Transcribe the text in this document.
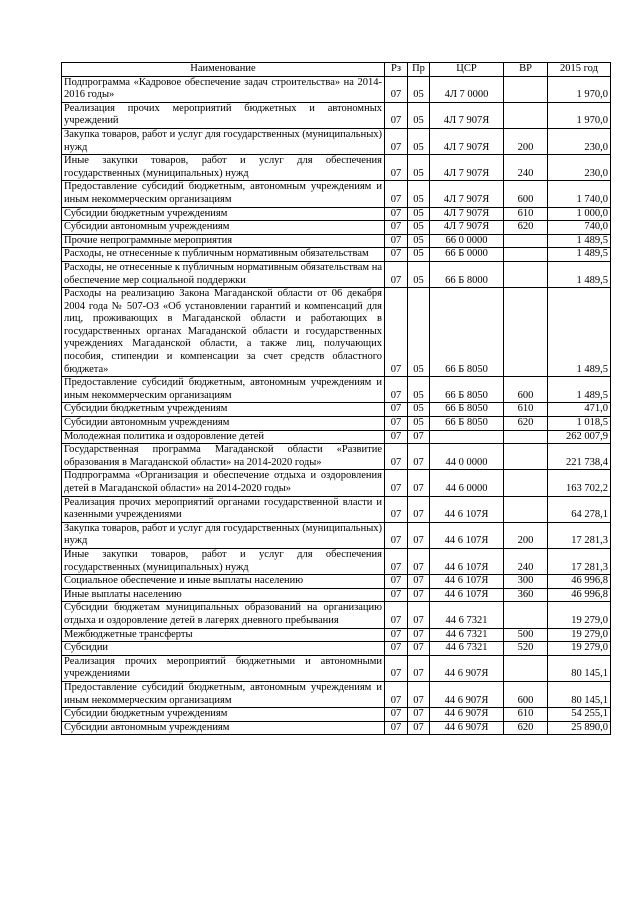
Наименование	Рз	Пр	ЦСР	ВР	2015 год
Подпрограмма «Кадровое обеспечение задач строительства» на 2014-2016 годы»	07	05	4Л 7 0000		1 970,0
Реализация прочих мероприятий бюджетных и автономных учреждений	07	05	4Л 7 907Я		1 970,0
Закупка товаров, работ и услуг для государственных (муниципальных) нужд	07	05	4Л 7 907Я	200	230,0
Иные закупки товаров, работ и услуг для обеспечения государственных (муниципальных) нужд	07	05	4Л 7 907Я	240	230,0
Предоставление субсидий бюджетным, автономным учреждениям и иным некоммерческим организациям	07	05	4Л 7 907Я	600	1 740,0
Субсидии бюджетным учреждениям	07	05	4Л 7 907Я	610	1 000,0
Субсидии автономным учреждениям	07	05	4Л 7 907Я	620	740,0
Прочие непрограммные мероприятия	07	05	66 0 0000		1 489,5
Расходы, не отнесенные к публичным нормативным обязательствам	07	05	66 Б 0000		1 489,5
Расходы, не отнесенные к публичным нормативным обязательствам на обеспечение мер социальной поддержки	07	05	66 Б 8000		1 489,5
Расходы на реализацию Закона Магаданской области от 06 декабря 2004 года № 507-ОЗ «Об установлении гарантий и компенсаций для лиц, проживающих в Магаданской области и работающих в государственных органах Магаданской области и государственных учреждениях Магаданской области, а также лиц, получающих пособия, стипендии и компенсации за счет средств областного бюджета»	07	05	66 Б 8050		1 489,5
Предоставление субсидий бюджетным, автономным учреждениям и иным некоммерческим организациям	07	05	66 Б 8050	600	1 489,5
Субсидии бюджетным учреждениям	07	05	66 Б 8050	610	471,0
Субсидии автономным учреждениям	07	05	66 Б 8050	620	1 018,5
Молодежная политика и оздоровление детей	07	07			262 007,9
Государственная программа Магаданской области «Развитие образования в Магаданской области» на 2014-2020 годы»	07	07	44 0 0000		221 738,4
Подпрограмма «Организация и обеспечение отдыха и оздоровления детей в Магаданской области» на 2014-2020 годы»	07	07	44 6 0000		163 702,2
Реализация прочих мероприятий органами государственной власти и казенными учреждениями	07	07	44 6 107Я		64 278,1
Закупка товаров, работ и услуг для государственных (муниципальных) нужд	07	07	44 6 107Я	200	17 281,3
Иные закупки товаров, работ и услуг для обеспечения государственных (муниципальных) нужд	07	07	44 6 107Я	240	17 281,3
Социальное обеспечение и иные выплаты населению	07	07	44 6 107Я	300	46 996,8
Иные выплаты населению	07	07	44 6 107Я	360	46 996,8
Субсидии бюджетам муниципальных образований на организацию отдыха и оздоровление детей в лагерях дневного пребывания	07	07	44 6 7321		19 279,0
Межбюджетные трансферты	07	07	44 6 7321	500	19 279,0
Субсидии	07	07	44 6 7321	520	19 279,0
Реализация прочих мероприятий бюджетными и автономными учреждениями	07	07	44 6 907Я		80 145,1
Предоставление субсидий бюджетным, автономным учреждениям и иным некоммерческим организациям	07	07	44 6 907Я	600	80 145,1
Субсидии бюджетным учреждениям	07	07	44 6 907Я	610	54 255,1
Субсидии автономным учреждениям	07	07	44 6 907Я	620	25 890,0
